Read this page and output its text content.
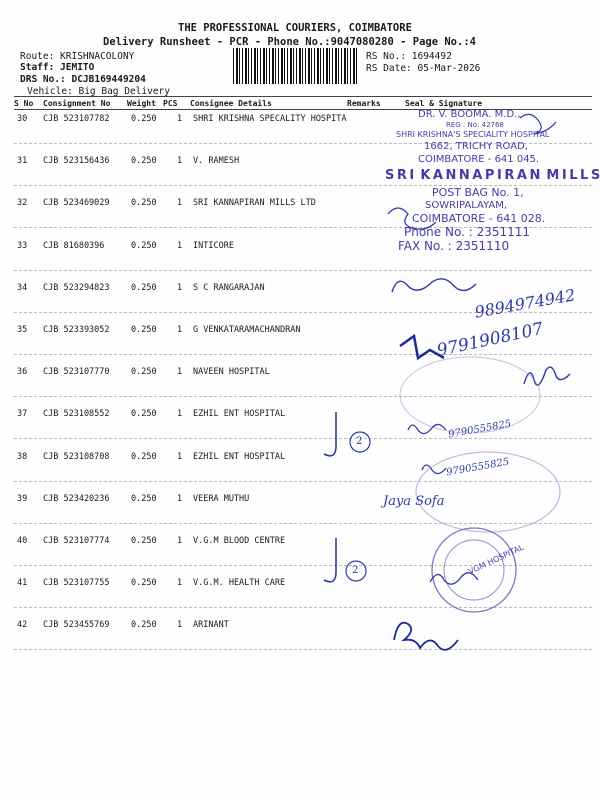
THE PROFESSIONAL COURIERS, COIMBATORE
Delivery Runsheet - PCR - Phone No.:9047080280 - Page No.:4
Route: KRISHNACOLONY
Staff: JEMITO
DRS No.: DCJB169449204
Vehicle: Big Bag Delivery
RS No.: 1694492
RS Date: 05-Mar-2026
S No Consignment No Weight PCS Consignee Details	Remarks	Seal & Signature
30 CJB 523107782	0.250 1 SHRI KRISHNA SPECALITY HOSPITA
31 CJB 523156436	0.250 1 V. RAMESH
32 CJB 523469029	0.250 1 SRI KANNAPIRAN MILLS LTD
33 CJB 81680396	0.250 1 INTICORE
34 CJB 523294823	0.250 1 S C RANGARAJAN
35 CJB 523393052	0.250 1 G VENKATARAMACHANDRAN
36 CJB 523107770	0.250 1 NAVEEN HOSPITAL
37 CJB 523108552	0.250 1 EZHIL ENT HOSPITAL
38 CJB 523108708	0.250 1 EZHIL ENT HOSPITAL
39 CJB 523420236	0.250 1 VEERA MUTHU
40 CJB 523107774	0.250 1 V.G.M BLOOD CENTRE
41 CJB 523107755	0.250 1 V.G.M. HEALTH CARE
42 CJB 523455769	0.250 1 ARINANT
DR. V. BOOMA. M.D.,
REG : No: 42768
SHRI KRISHNA'S SPECIALITY HOSPITAL
1662, TRICHY ROAD,
COIMBATORE - 641 045.
S R I  K A N N A P I R A N  M I L L S
POST BAG No. 1,
SOWRIPALAYAM,
COIMBATORE - 641 028.
Phone No. : 2351111
FAX No. : 2351110
VGM HOSPITAL
9894974942
9791908107
9790555825
9790555825
Jaya Sofa
2
2
